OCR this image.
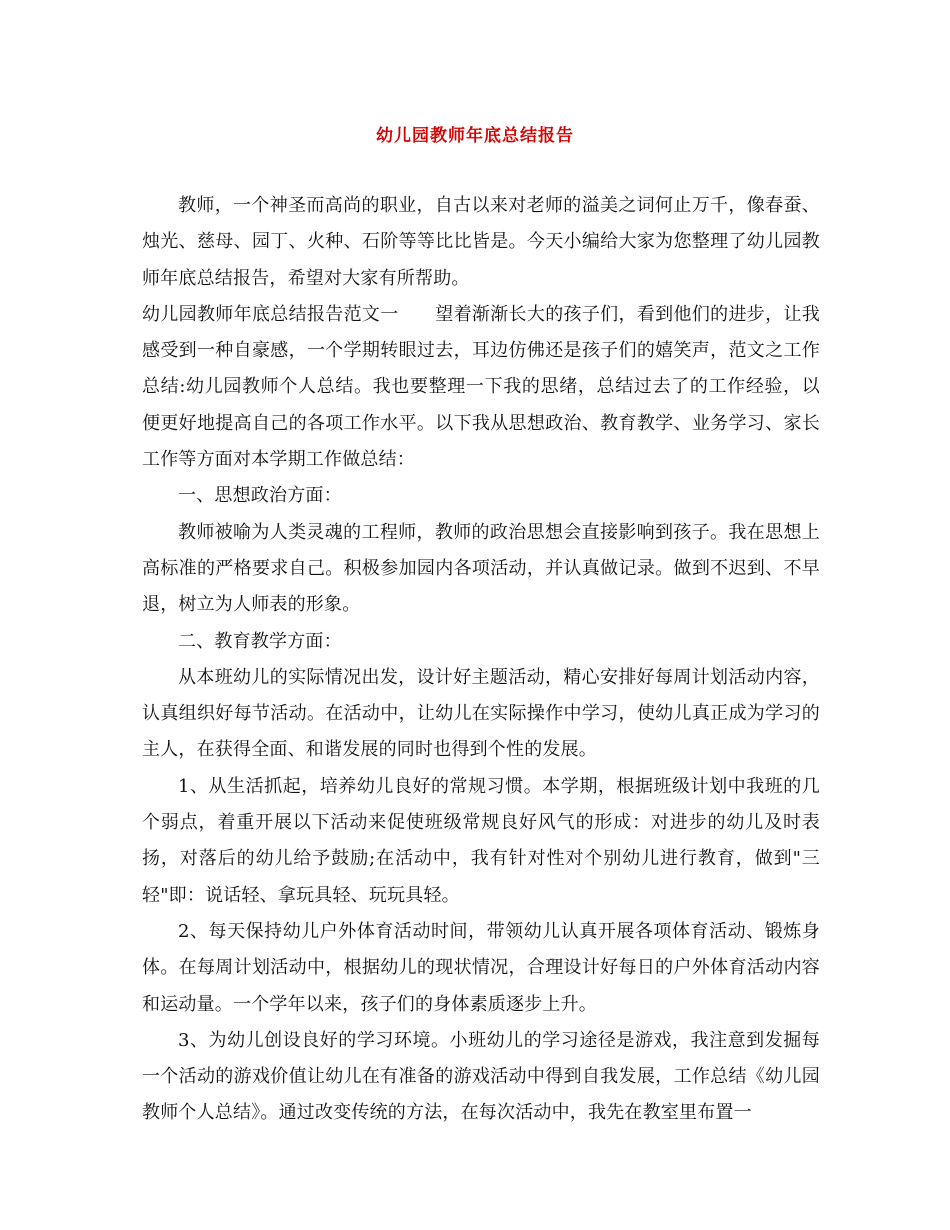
幼儿园教师年底总结报告

教师，一个神圣而高尚的职业，自古以来对老师的溢美之词何止万千，像春蚕、烛光、慈母、园丁、火种、石阶等等比比皆是。今天小编给大家为您整理了幼儿园教师年底总结报告，希望对大家有所帮助。

幼儿园教师年底总结报告范文一　　望着渐渐长大的孩子们，看到他们的进步，让我感受到一种自豪感，一个学期转眼过去，耳边仿佛还是孩子们的嬉笑声，范文之工作总结:幼儿园教师个人总结。我也要整理一下我的思绪，总结过去了的工作经验，以便更好地提高自己的各项工作水平。以下我从思想政治、教育教学、业务学习、家长工作等方面对本学期工作做总结：

一、思想政治方面：

教师被喻为人类灵魂的工程师，教师的政治思想会直接影响到孩子。我在思想上高标准的严格要求自己。积极参加园内各项活动，并认真做记录。做到不迟到、不早退，树立为人师表的形象。

二、教育教学方面：

从本班幼儿的实际情况出发，设计好主题活动，精心安排好每周计划活动内容，认真组织好每节活动。在活动中，让幼儿在实际操作中学习，使幼儿真正成为学习的主人，在获得全面、和谐发展的同时也得到个性的发展。

1、从生活抓起，培养幼儿良好的常规习惯。本学期，根据班级计划中我班的几个弱点，着重开展以下活动来促使班级常规良好风气的形成：对进步的幼儿及时表扬，对落后的幼儿给予鼓励;在活动中，我有针对性对个别幼儿进行教育，做到"三轻"即：说话轻、拿玩具轻、玩玩具轻。

2、每天保持幼儿户外体育活动时间，带领幼儿认真开展各项体育活动、锻炼身体。在每周计划活动中，根据幼儿的现状情况，合理设计好每日的户外体育活动内容和运动量。一个学年以来，孩子们的身体素质逐步上升。

3、为幼儿创设良好的学习环境。小班幼儿的学习途径是游戏，我注意到发掘每一个活动的游戏价值让幼儿在有准备的游戏活动中得到自我发展，工作总结《幼儿园教师个人总结》。通过改变传统的方法，在每次活动中，我先在教室里布置一
